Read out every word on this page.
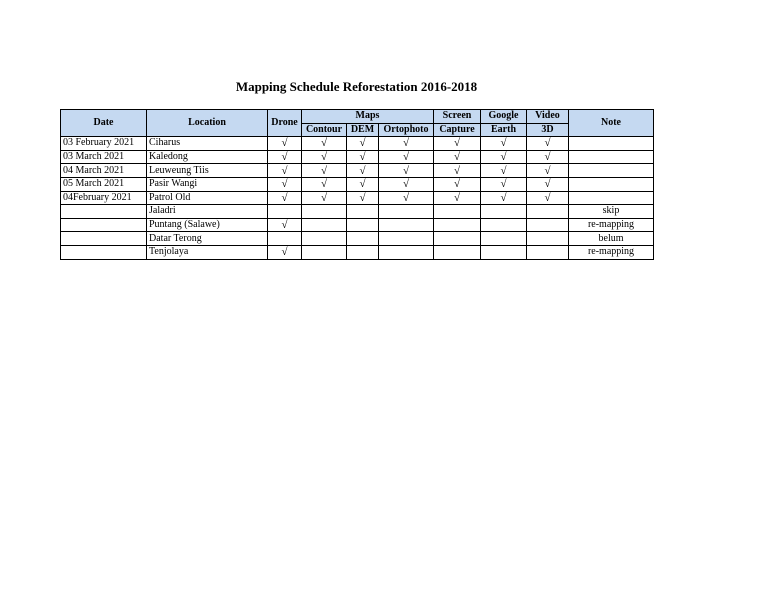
Mapping Schedule Reforestation 2016-2018
Date	Location	Drone	Maps			Screen	Google	Video	Note
			Contour	DEM	Ortophoto	Capture	Earth	3D	
03 February 2021	Ciharus	√	√	√	√	√	√	√	
03 March 2021	Kaledong	√	√	√	√	√	√	√	
04 March 2021	Leuweung Tiis	√	√	√	√	√	√	√	
05 March 2021	Pasir Wangi	√	√	√	√	√	√	√	
04February 2021	Patrol Old	√	√	√	√	√	√	√	
	Jaladri								skip
	Puntang (Salawe)	√							re-mapping
	Datar Terong								belum
	Tenjolaya	√							re-mapping
